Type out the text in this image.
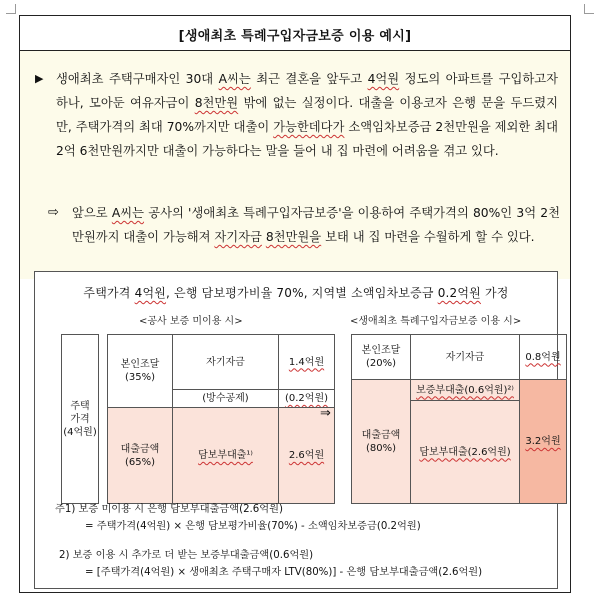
[생애최초 특례구입자금보증 이용 예시]
▶ 생애최초 주택구매자인 30대 A씨는 최근 결혼을 앞두고 4억원 정도의 아파트를 구입하고자 하나, 모아둔 여유자금이 8천만원 밖에 없는 실정이다. 대출을 이용코자 은행 문을 두드렸지만, 주택가격의 최대 70%까지만 대출이 가능한데다가 소액임차보증금 2천만원을 제외한 최대 2억 6천만원까지만 대출이 가능하다는 말을 들어 내 집 마련에 어려움을 겪고 있다.

⇨ 앞으로 A씨는 공사의 '생애최초 특례구입자금보증'을 이용하여 주택가격의 80%인 3억 2천만원까지 대출이 가능해져 자기자금 8천만원을 보태 내 집 마련을 수월하게 할 수 있다.

주택가격 4억원, 은행 담보평가비율 70%, 지역별 소액임차보증금 0.2억원 가정
<공사 보증 미이용 시>	<생애최초 특례구입자금보증 이용 시>
주택
가격
(4억원)
본인조달
(35%)
자기자금	1.4억원
(방수공제)	(0.2억원)
대출금액
(65%)
담보부대출¹⁾	2.6억원
⇒
본인조달
(20%)
자기자금	0.8억원
대출금액
(80%)
보증부대출(0.6억원)²⁾
담보부대출(2.6억원)
3.2억원
주1) 보증 미이용 시 은행 담보부대출금액(2.6억원)
= 주택가격(4억원) × 은행 담보평가비율(70%) - 소액임차보증금(0.2억원)
2) 보증 이용 시 추가로 더 받는 보증부대출금액(0.6억원)
= [주택가격(4억원) × 생애최초 주택구매자 LTV(80%)] - 은행 담보부대출금액(2.6억원)
